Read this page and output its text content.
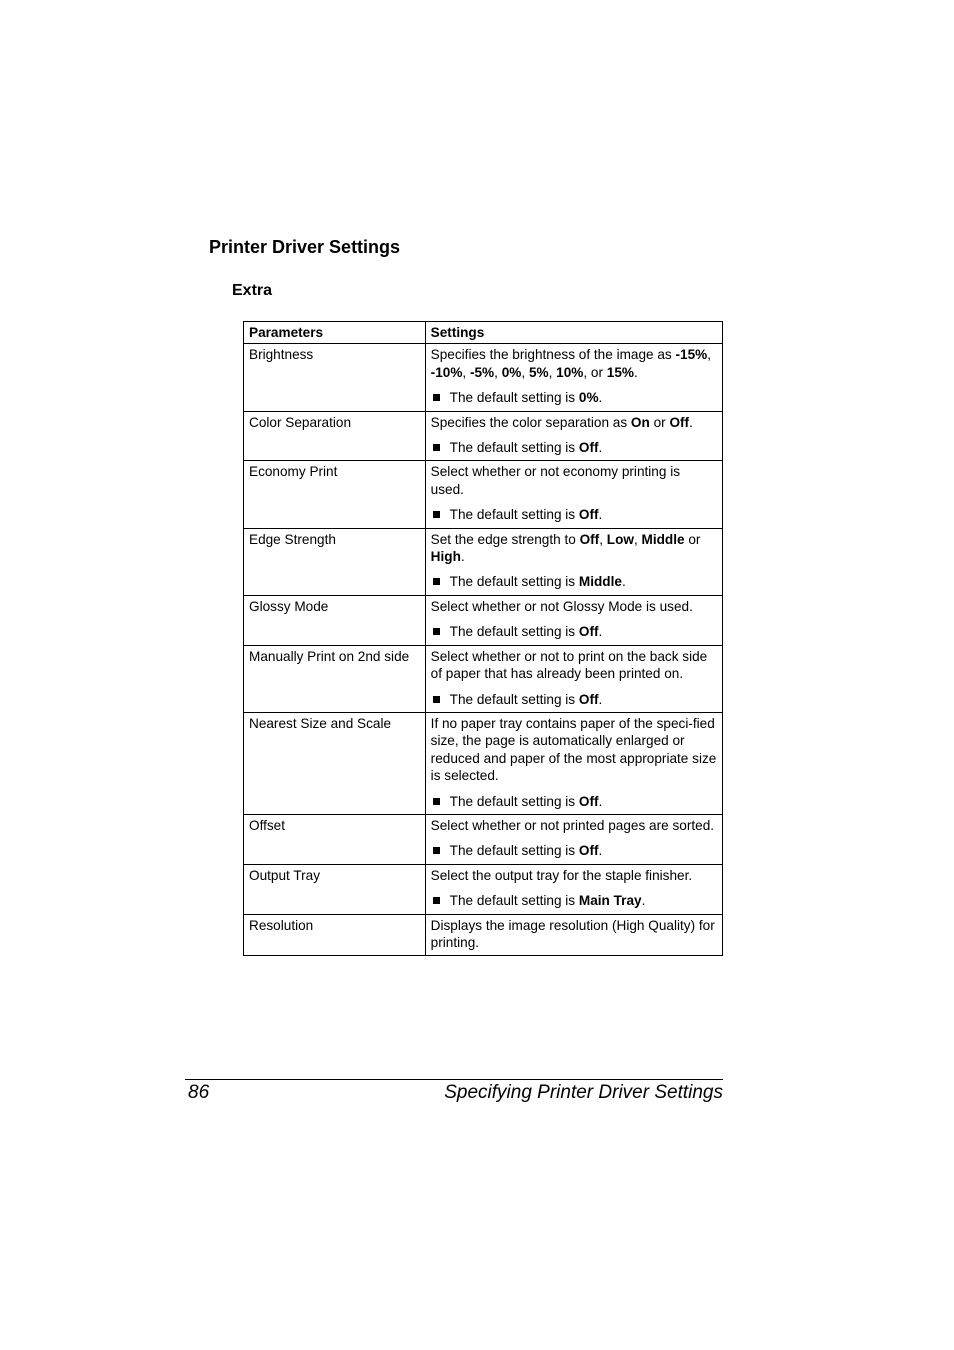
Printer Driver Settings
Extra
Parameters	Settings
Brightness	Specifies the brightness of the image as -15%, -10%, -5%, 0%, 5%, 10%, or 15%.

The default setting is 0%.

Color Separation	Specifies the color separation as On or Off.

The default setting is Off.

Economy Print	Select whether or not economy printing is used.

The default setting is Off.

Edge Strength	Set the edge strength to Off, Low, Middle or High.

The default setting is Middle.

Glossy Mode	Select whether or not Glossy Mode is used.

The default setting is Off.

Manually Print on 2nd side	Select whether or not to print on the back side of paper that has already been printed on.

The default setting is Off.

Nearest Size and Scale	If no paper tray contains paper of the speci-fied size, the page is automatically enlarged or reduced and paper of the most appropriate size is selected.

The default setting is Off.

Offset	Select whether or not printed pages are sorted.

The default setting is Off.

Output Tray	Select the output tray for the staple finisher.

The default setting is Main Tray.

Resolution	Displays the image resolution (High Quality) for printing.

86	Specifying Printer Driver Settings
